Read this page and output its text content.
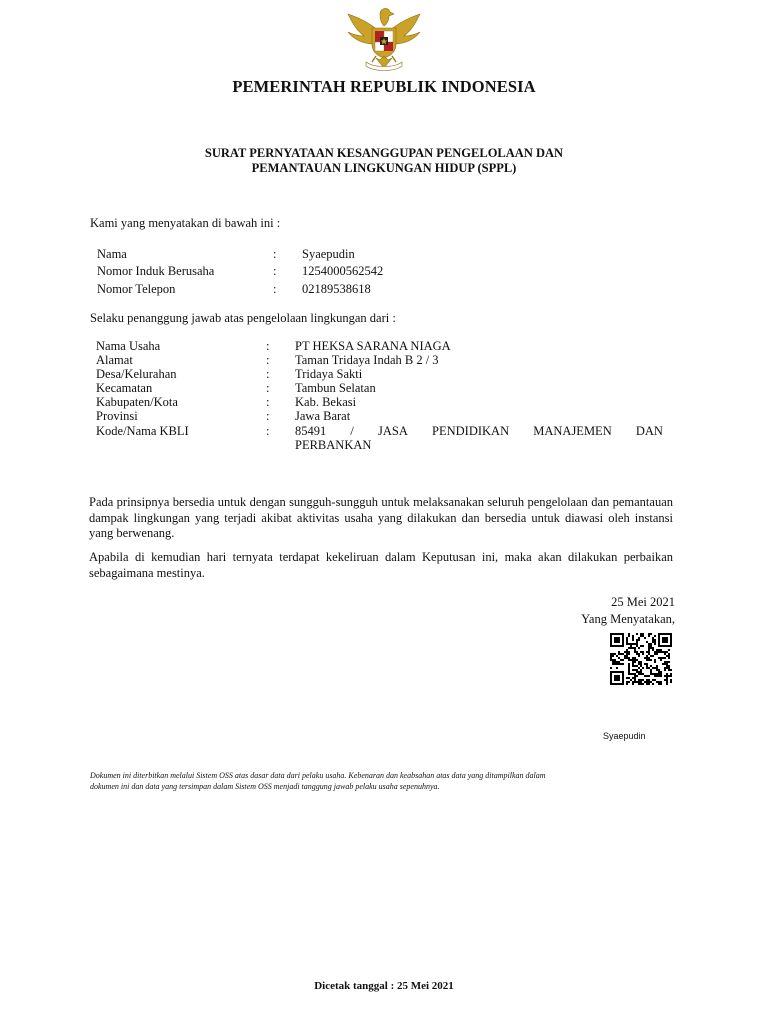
PEMERINTAH REPUBLIK INDONESIA
SURAT PERNYATAAN KESANGGUPAN PENGELOLAAN DAN
PEMANTAUAN LINGKUNGAN HIDUP (SPPL)
Kami yang menyatakan di bawah ini :
Nama	: Syaepudin
Nomor Induk Berusaha	: 1254000562542
Nomor Telepon	: 02189538618
Selaku penanggung jawab atas pengelolaan lingkungan dari :
Nama Usaha	: PT HEKSA SARANA NIAGA
Alamat	: Taman Tridaya Indah B 2 / 3
Desa/Kelurahan	: Tridaya Sakti
Kecamatan	: Tambun Selatan
Kabupaten/Kota	: Kab. Bekasi
Provinsi	: Jawa Barat
Kode/Nama KBLI	: 85491 / JASA PENDIDIKAN MANAJEMEN DAN
PERBANKAN
Pada prinsipnya bersedia untuk dengan sungguh-sungguh untuk melaksanakan seluruh pengelolaan dan pemantauan dampak lingkungan yang terjadi akibat aktivitas usaha yang dilakukan dan bersedia untuk diawasi oleh instansi yang berwenang.
Apabila di kemudian hari ternyata terdapat kekeliruan dalam Keputusan ini, maka akan dilakukan perbaikan sebagaimana mestinya.
25 Mei 2021
Yang Menyatakan,
Syaepudin
Dokumen ini diterbitkan melalui Sistem OSS atas dasar data dari pelaku usaha. Kebenaran dan keabsahan atas data yang ditampilkan dalam
dokumen ini dan data yang tersimpan dalam Sistem OSS menjadi tanggung jawab pelaku usaha sepenuhnya.
Dicetak tanggal : 25 Mei 2021
